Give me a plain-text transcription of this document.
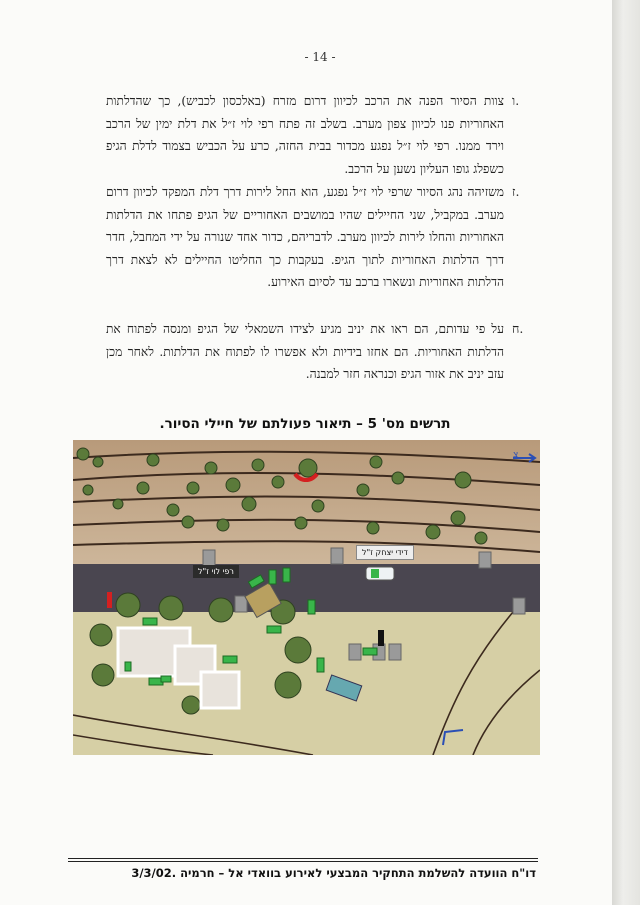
- 14 -
.ו
צוות הסיור הפנה את הרכב לכיוון דרום מזרח (באלכסון לכביש), כך שהדלתות האחוריות פנו לכיוון צפון מערב. בשלב זה פתח רפי לוי ז״ל את דלת ימין של הרכב וירד ממנו. רפי לוי ז״ל נפגע מכדור בבית החזה, כרע על הכביש בצמוד לדלת הגיפ כשפלג גופו העליון נשען על הרכב.
.ז
משזיהה נהג הסיור שרפי לוי ז״ל נפגע, הוא החל לירות דרך דלת המפקד לכיוון דרום מערב. במקביל, שני החיילים שהיו במושבים האחוריים של הגיפ פתחו את הדלתות האחוריות והחלו לירות לכיוון מערב. לדבריהם, כדור אחד שנורה על ידי המחבל, חדר דרך הדלתות האחוריות לתוך הגיפ. בעקבות כך החליטו החיילים לא לצאת דרך הדלתות האחוריות ונשארו ברכב עד לסיום האירוע.
.ח
על פי עדותם, הם ראו את יניב מגיע לצידו השמאלי של הגיפ ומנסה לפתוח את הדלתות האחוריות. הם אחזו בידיות ולא אפשרו לו לפתוח את הדלתות. לאחר מכן עזב יניב את אזור הגיפ וכנראה חזר למבנה.
תרשים מס' 5 – תיאור פעולתם של חיילי הסיור.
רפי לוי ז"ל
דידי יצחק ז"ל
צ
דו"ח הוועדה להשלמת התחקיר המבצעי לאירוע בוואדי אל – חרמיה .3/3/02
